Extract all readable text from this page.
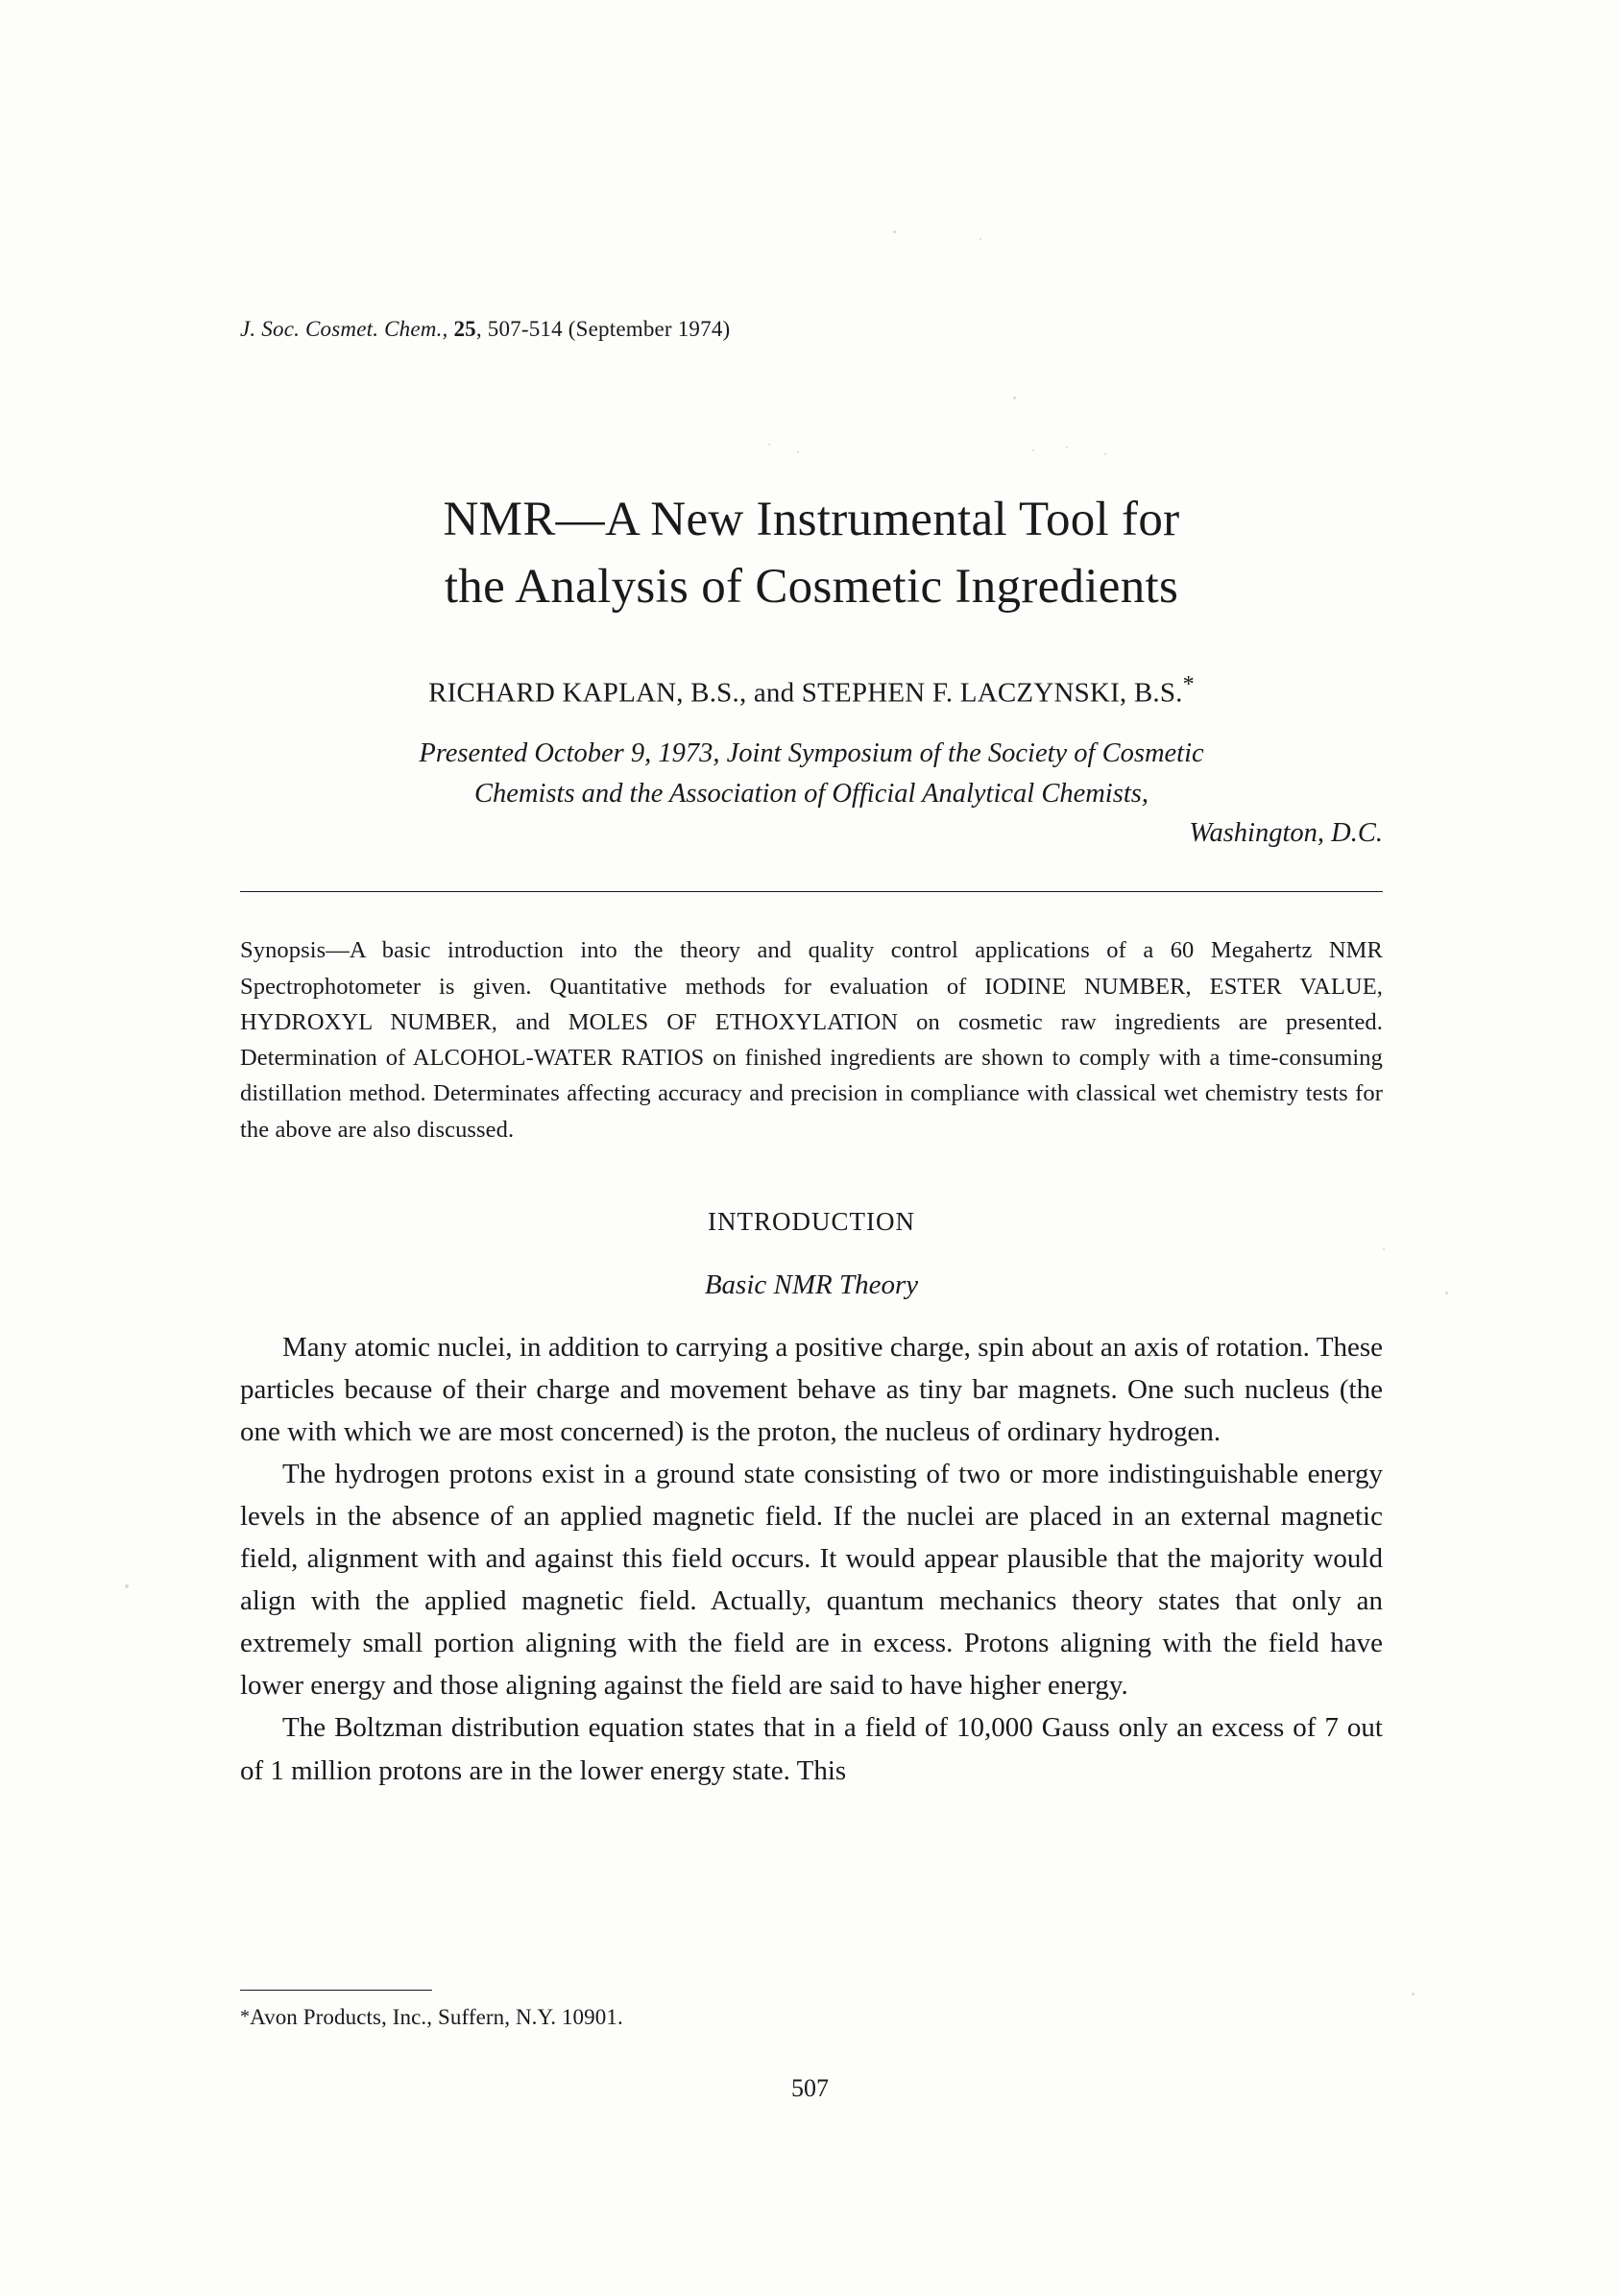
J. Soc. Cosmet. Chem., 25, 507-514 (September 1974)
NMR—A New Instrumental Tool for
the Analysis of Cosmetic Ingredients
RICHARD KAPLAN, B.S., and STEPHEN F. LACZYNSKI, B.S.*
Presented October 9, 1973, Joint Symposium of the Society of Cosmetic
Chemists and the Association of Official Analytical Chemists,
Washington, D.C.
Synopsis—A basic introduction into the theory and quality control applications of a 60 Megahertz NMR Spectrophotometer is given. Quantitative methods for evaluation of IODINE NUMBER, ESTER VALUE, HYDROXYL NUMBER, and MOLES OF ETHOXYLATION on cosmetic raw ingredients are presented. Determination of ALCOHOL-WATER RATIOS on finished ingredients are shown to comply with a time-consuming distillation method. Determinates affecting accuracy and precision in compliance with classical wet chemistry tests for the above are also discussed.
INTRODUCTION
Basic NMR Theory

Many atomic nuclei, in addition to carrying a positive charge, spin about an axis of rotation. These particles because of their charge and movement behave as tiny bar magnets. One such nucleus (the one with which we are most concerned) is the proton, the nucleus of ordinary hydrogen.

The hydrogen protons exist in a ground state consisting of two or more indistinguishable energy levels in the absence of an applied magnetic field. If the nuclei are placed in an external magnetic field, alignment with and against this field occurs. It would appear plausible that the majority would align with the applied magnetic field. Actually, quantum mechanics theory states that only an extremely small portion aligning with the field are in excess. Protons aligning with the field have lower energy and those aligning against the field are said to have higher energy.

The Boltzman distribution equation states that in a field of 10,000 Gauss only an excess of 7 out of 1 million protons are in the lower energy state. This

*Avon Products, Inc., Suffern, N.Y. 10901.
507
